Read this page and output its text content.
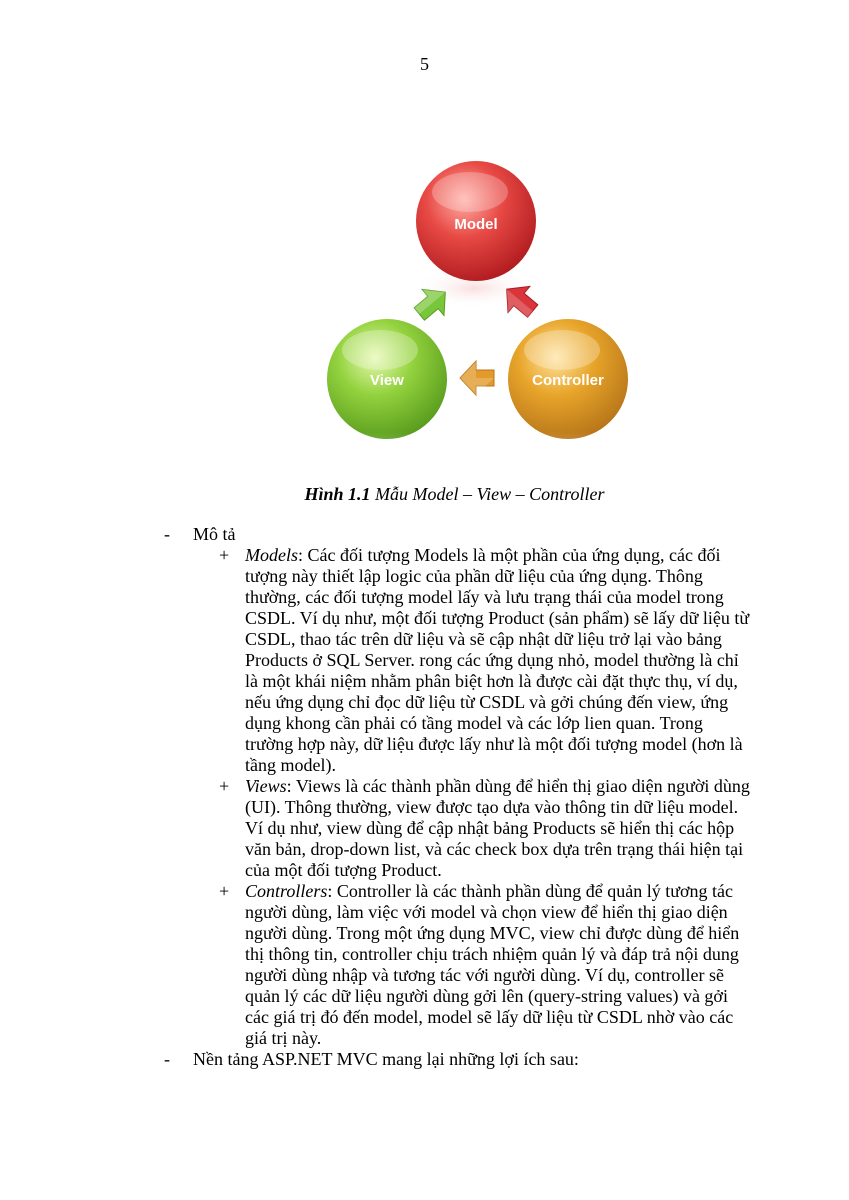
5
Model
View	Controller
Hình 1.1 Mẫu Model – View – Controller
- Mô tả
+ Models: Các đối tượng Models là một phần của ứng dụng, các đối
tượng này thiết lập logic của phần dữ liệu của ứng dụng. Thông
thường, các đối tượng model lấy và lưu trạng thái của model trong
CSDL. Ví dụ như, một đối tượng Product (sản phẩm) sẽ lấy dữ liệu từ
CSDL, thao tác trên dữ liệu và sẽ cập nhật dữ liệu trở lại vào bảng
Products ở SQL Server. rong các ứng dụng nhỏ, model thường là chỉ
là một khái niệm nhằm phân biệt hơn là được cài đặt thực thụ, ví dụ,
nếu ứng dụng chỉ đọc dữ liệu từ CSDL và gởi chúng đến view, ứng
dụng khong cần phải có tầng model và các lớp lien quan. Trong
trường hợp này, dữ liệu được lấy như là một đối tượng model (hơn là
tầng model).
+ Views: Views là các thành phần dùng để hiển thị giao diện người dùng
(UI). Thông thường, view được tạo dựa vào thông tin dữ liệu model.
Ví dụ như, view dùng để cập nhật bảng Products sẽ hiển thị các hộp
văn bản, drop-down list, và các check box dựa trên trạng thái hiện tại
của một đối tượng Product.
+ Controllers: Controller là các thành phần dùng để quản lý tương tác
người dùng, làm việc với model và chọn view để hiển thị giao diện
người dùng. Trong một ứng dụng MVC, view chỉ được dùng để hiển
thị thông tin, controller chịu trách nhiệm quản lý và đáp trả nội dung
người dùng nhập và tương tác với người dùng. Ví dụ, controller sẽ
quản lý các dữ liệu người dùng gởi lên (query-string values) và gởi
các giá trị đó đến model, model sẽ lấy dữ liệu từ CSDL nhờ vào các
giá trị này.
- Nền tảng ASP.NET MVC mang lại những lợi ích sau:
